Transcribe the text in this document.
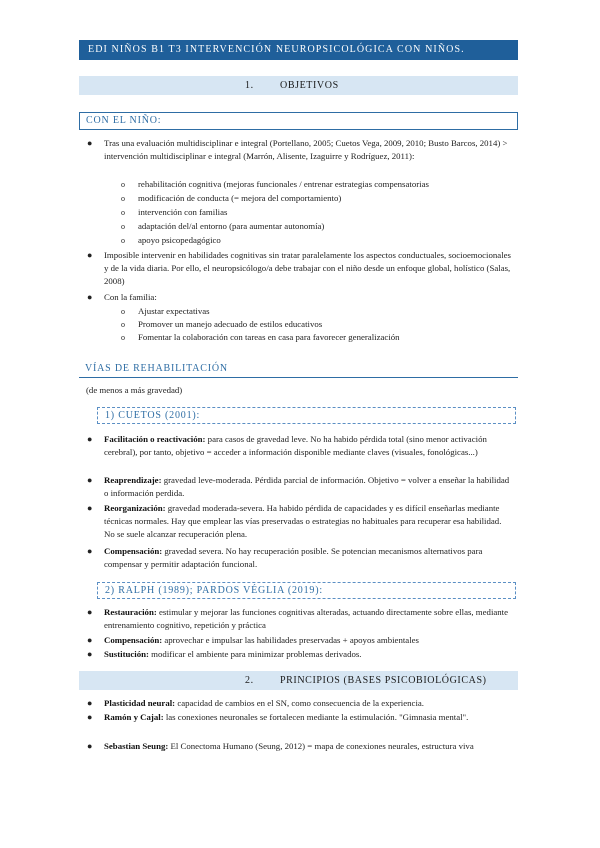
EDI NIÑOS B1 T3 INTERVENCIÓN NEUROPSICOLÓGICA CON NIÑOS.
1.	OBJETIVOS
CON EL NIÑO:
● Tras una evaluación multidisciplinar e integral (Portellano, 2005; Cuetos Vega, 2009, 2010; Busto Barcos, 2014) > intervención multidisciplinar e integral (Marrón, Alisente, Izaguirre y Rodríguez, 2011):
o rehabilitación cognitiva (mejoras funcionales / entrenar estrategias compensatorias
o modificación de conducta (= mejora del comportamiento)
o intervención con familias
o adaptación del/al entorno (para aumentar autonomía)
o apoyo psicopedagógico
● Imposible intervenir en habilidades cognitivas sin tratar paralelamente los aspectos conductuales, socioemocionales y de la vida diaria. Por ello, el neuropsicólogo/a debe trabajar con el niño desde un enfoque global, holístico (Salas, 2008)
● Con la familia:
o Ajustar expectativas
o Promover un manejo adecuado de estilos educativos
o Fomentar la colaboración con tareas en casa para favorecer generalización
VÍAS DE REHABILITACIÓN
(de menos a más gravedad)
1) CUETOS (2001):
● Facilitación o reactivación: para casos de gravedad leve. No ha habido pérdida total (sino menor activación cerebral), por tanto, objetivo = acceder a información disponible mediante claves (visuales, fonológicas...)
● Reaprendizaje: gravedad leve-moderada. Pérdida parcial de información. Objetivo = volver a enseñar la habilidad o información perdida.
● Reorganización: gravedad moderada-severa. Ha habido pérdida de capacidades y es difícil enseñarlas mediante técnicas normales. Hay que emplear las vías preservadas o estrategias no habituales para recuperar esa habilidad. No se suele alcanzar recuperación plena.
● Compensación: gravedad severa. No hay recuperación posible. Se potencian mecanismos alternativos para compensar y permitir adaptación funcional.
2) RALPH (1989); PARDOS VÉGLIA (2019):
● Restauración: estimular y mejorar las funciones cognitivas alteradas, actuando directamente sobre ellas, mediante entrenamiento cognitivo, repetición y práctica
● Compensación: aprovechar e impulsar las habilidades preservadas + apoyos ambientales
● Sustitución: modificar el ambiente para minimizar problemas derivados.
2.	PRINCIPIOS (BASES PSICOBIOLÓGICAS)
● Plasticidad neural: capacidad de cambios en el SN, como consecuencia de la experiencia.
● Ramón y Cajal: las conexiones neuronales se fortalecen mediante la estimulación. "Gimnasia mental".
● Sebastian Seung: El Conectoma Humano (Seung, 2012) = mapa de conexiones neurales, estructura viva
